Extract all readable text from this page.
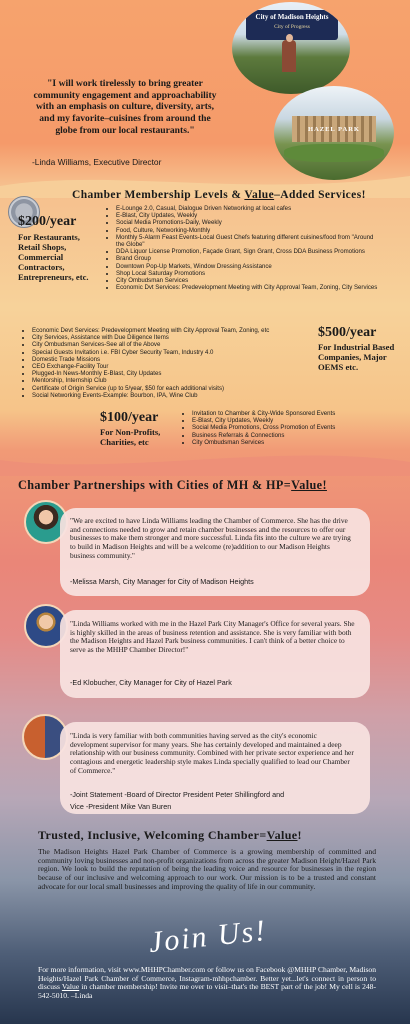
"I will work tirelessly to bring greater community engagement and approachability with an emphasis on culture, diversity, arts, and my favorite–cuisines from around the globe from our local restaurants."
-Linda Williams, Executive Director
City of Madison Heights
City of Progress
HAZEL PARK
Chamber Membership Levels & Value–Added Services!
$200/year
For Restaurants, Retail Shops, Commercial Contractors, Entrepreneurs, etc.
• E-Lounge 2.0, Casual, Dialogue Driven Networking at local cafes
• E-Blast, City Updates, Weekly
• Social Media Promotions-Daily, Weekly
• Food, Culture, Networking-Monthly
• Monthly 5-Alarm Feast Events-Local Guest Chefs featuring different cuisines/food from "Around the Globe"
• DDA Liquor License Promotion, Façade Grant, Sign Grant, Cross DDA Business Promotions
• Brand Group
• Downtown Pop-Up Markets, Window Dressing Assistance
• Shop Local Saturday Promotions
• City Ombudsman Services
• Economic Dvt Services: Predevelopment Meeting with City Approval Team, Zoning, City Services
• Economic Devt Services: Predevelopment Meeting with City Approval Team, Zoning, etc
• City Services, Assistance with Due Diligence Items
• City Ombudsman Services-See all of the Above
• Special Guests Invitation i.e. FBI Cyber Security Team, Industry 4.0
• Domestic Trade Missions
• CEO Exchange-Facility Tour
• Plugged-In News-Monthly E-Blast, City Updates
• Mentorship, Internship Club
• Certificate of Origin Service (up to 5/year, $50 for each additional visits)
• Social Networking Events-Example: Bourbon, IPA, Wine Club
$500/year
For Industrial Based Companies, Major OEMS etc.
$100/year
For Non-Profits, Charities, etc
• Invitation to Chamber & City-Wide Sponsored Events
• E-Blast, City Updates, Weekly
• Social Media Promotions, Cross Promotion of Events
• Business Referrals & Connections
• City Ombudsman Services
Chamber Partnerships with Cities of MH & HP=Value!
"We are excited to have Linda Williams leading the Chamber of Commerce. She has the drive and connections needed to grow and retain chamber businesses and the resources to offer our businesses to make them stronger and more successful. Linda fits into the culture we are trying to build in Madison Heights and will be a welcome (re)addition to our Madison Heights business community."
-Melissa Marsh, City Manager for City of Madison Heights
"Linda Williams worked with me in the Hazel Park City Manager's Office for several years. She is highly skilled in the areas of business retention and assistance. She is very familiar with both the Madison Heights and Hazel Park business communities. I can't think of a better choice to serve as the MHHP Chamber Director!"
-Ed Klobucher, City Manager for City of Hazel Park
"Linda is very familiar with both communities having served as the city's economic development supervisor for many years. She has certainly developed and maintained a deep relationship with our business community. Combined with her private sector experience and her contagious and energetic leadership style makes Linda specially qualified to lead our Chamber of Commerce."
-Joint Statement -Board of Director President Peter Shillingford and
Vice -President Mike Van Buren
Trusted, Inclusive, Welcoming Chamber=Value!
The Madison Heights Hazel Park Chamber of Commerce is a growing membership of committed and community loving businesses and non-profit organizations from across the greater Madison Height/Hazel Park region. We look to build the reputation of being the leading voice and resource for businesses in the region because of our inclusive and welcoming approach to our work. Our mission is to be a trusted and constant advocate for our local small businesses and improving the quality of life in our community.
Join Us!
For more information, visit www.MHHPChamber.com or follow us on Facebook @MHHP Chamber, Madison Heights/Hazel Park Chamber of Commerce, Instagram-mhhpchamber. Better yet...let's connect in person to discuss Value in chamber membership! Invite me over to visit–that's the BEST part of the job! My cell is 248-542-5010. –Linda
